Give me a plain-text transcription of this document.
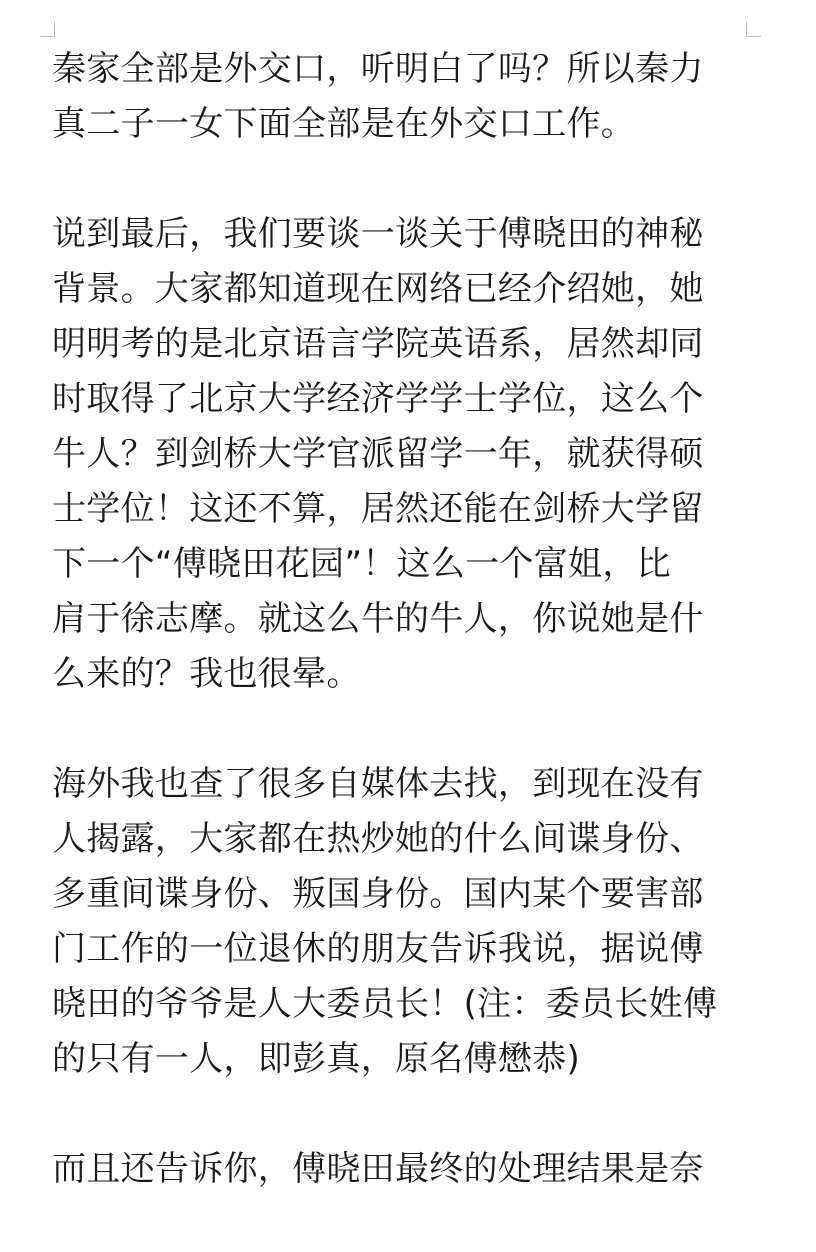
秦家全部是外交口，听明白了吗？所以秦力
真二子一女下面全部是在外交口工作。
说到最后，我们要谈一谈关于傅晓田的神秘
背景。大家都知道现在网络已经介绍她，她
明明考的是北京语言学院英语系，居然却同
时取得了北京大学经济学学士学位，这么个
牛人？到剑桥大学官派留学一年，就获得硕
士学位！这还不算，居然还能在剑桥大学留
下一个“傅晓田花园”！这么一个富姐，比
肩于徐志摩。就这么牛的牛人，你说她是什
么来的？我也很晕。
海外我也查了很多自媒体去找，到现在没有
人揭露，大家都在热炒她的什么间谍身份、
多重间谍身份、叛国身份。国内某个要害部
门工作的一位退休的朋友告诉我说，据说傅
晓田的爷爷是人大委员长！(注：委员长姓傅
的只有一人，即彭真，原名傅懋恭)
而且还告诉你，傅晓田最终的处理结果是奈
